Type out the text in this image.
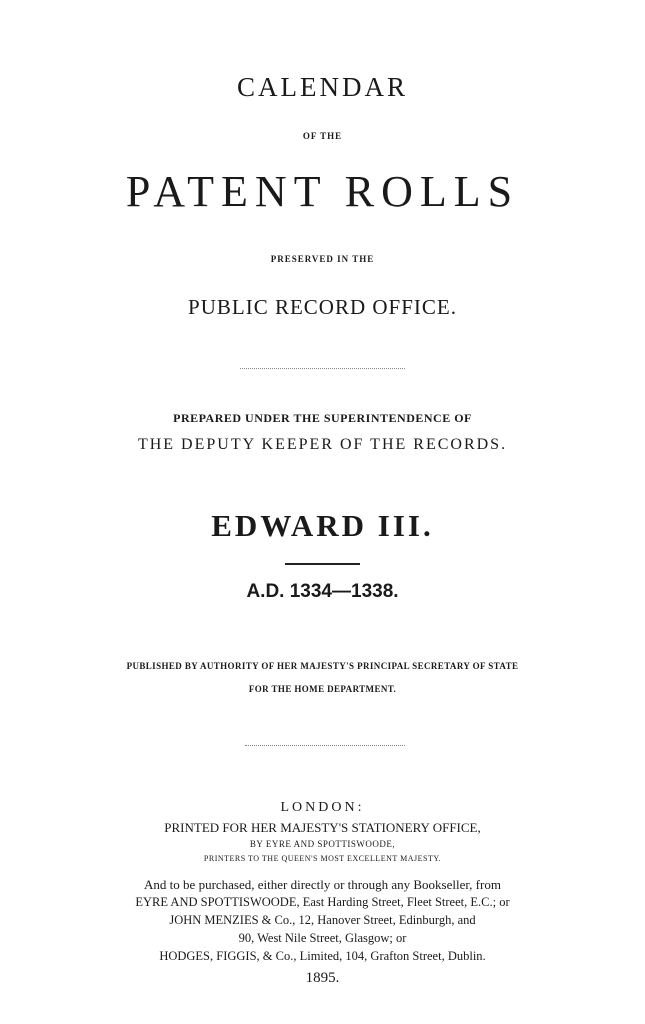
CALENDAR
OF THE
PATENT ROLLS
PRESERVED IN THE
PUBLIC RECORD OFFICE.
PREPARED UNDER THE SUPERINTENDENCE OF
THE DEPUTY KEEPER OF THE RECORDS.
EDWARD III.
A.D. 1334—1338.
PUBLISHED BY AUTHORITY OF HER MAJESTY'S PRINCIPAL SECRETARY OF STATE
FOR THE HOME DEPARTMENT.
LONDON:
PRINTED FOR HER MAJESTY'S STATIONERY OFFICE,
BY EYRE AND SPOTTISWOODE,
PRINTERS TO THE QUEEN'S MOST EXCELLENT MAJESTY.
And to be purchased, either directly or through any Bookseller, from
EYRE AND SPOTTISWOODE, East Harding Street, Fleet Street, E.C.; or
JOHN MENZIES & Co., 12, Hanover Street, Edinburgh, and
90, West Nile Street, Glasgow; or
HODGES, FIGGIS, & Co., Limited, 104, Grafton Street, Dublin.
1895.
